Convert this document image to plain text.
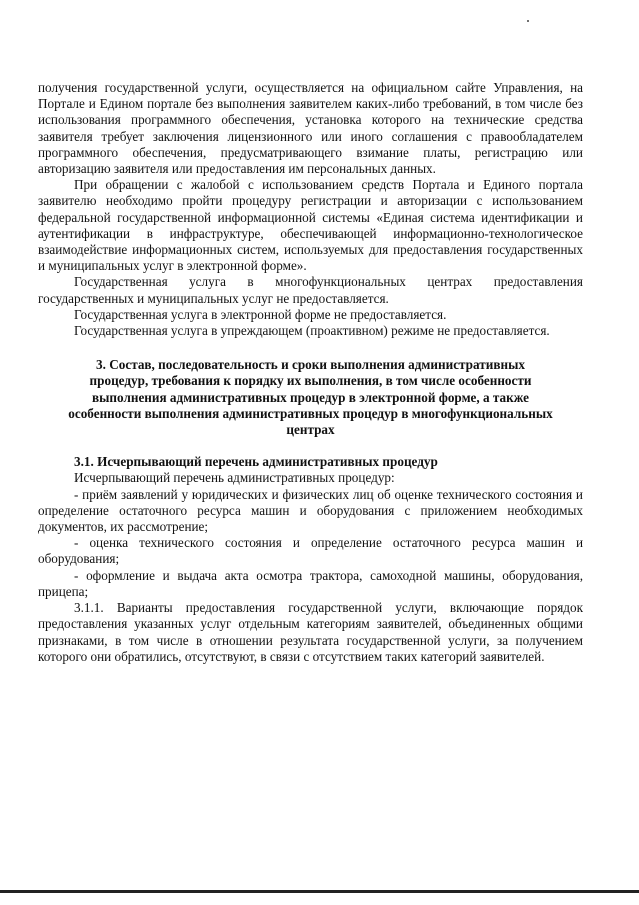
получения государственной услуги, осуществляется на официальном сайте Управления, на Портале и Едином портале без выполнения заявителем каких-либо требований, в том числе без использования программного обеспечения, установка которого на технические средства заявителя требует заключения лицензионного или иного соглашения с правообладателем программного обеспечения, предусматривающего взимание платы, регистрацию или авторизацию заявителя или предоставления им персональных данных.

При обращении с жалобой с использованием средств Портала и Единого портала заявителю необходимо пройти процедуру регистрации и авторизации с использованием федеральной государственной информационной системы «Единая система идентификации и аутентификации в инфраструктуре, обеспечивающей информационно-технологическое взаимодействие информационных систем, используемых для предоставления государственных и муниципальных услуг в электронной форме».

Государственная услуга в многофункциональных центрах предоставления государственных и муниципальных услуг не предоставляется.

Государственная услуга в электронной форме не предоставляется.

Государственная услуга в упреждающем (проактивном) режиме не предоставляется.

3. Состав, последовательность и сроки выполнения административных процедур, требования к порядку их выполнения, в том числе особенности выполнения административных процедур в электронной форме, а также особенности выполнения административных процедур в многофункциональных центрах

3.1. Исчерпывающий перечень административных процедур

Исчерпывающий перечень административных процедур:

- приём заявлений у юридических и физических лиц об оценке технического состояния и определение остаточного ресурса машин и оборудования с приложением необходимых документов, их рассмотрение;

- оценка технического состояния и определение остаточного ресурса машин и оборудования;

- оформление и выдача акта осмотра трактора, самоходной машины, оборудования, прицепа;

3.1.1. Варианты предоставления государственной услуги, включающие порядок предоставления указанных услуг отдельным категориям заявителей, объединенных общими признаками, в том числе в отношении результата государственной услуги, за получением которого они обратились, отсутствуют, в связи с отсутствием таких категорий заявителей.
